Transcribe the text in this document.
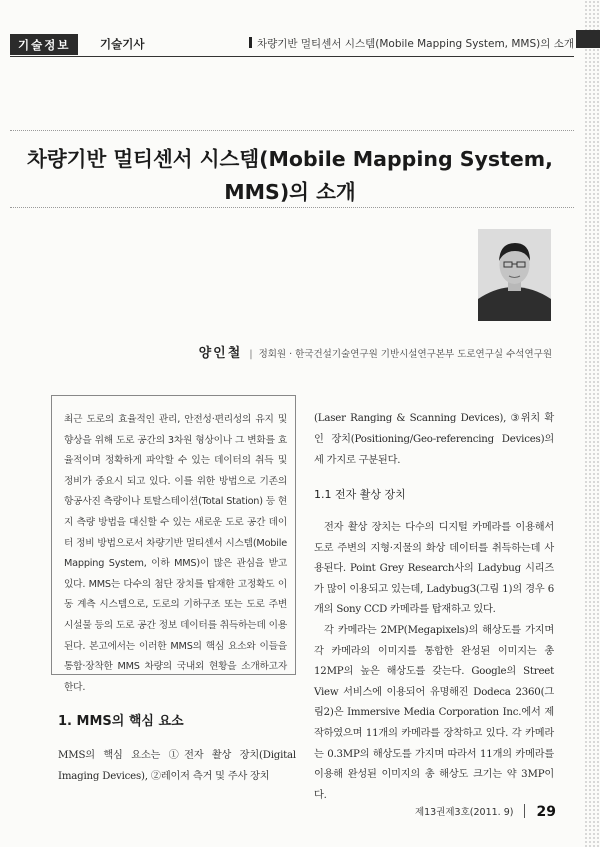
기술정보	기술기사	차량기반 멀티센서 시스템(Mobile Mapping System, MMS)의 소개
차량기반 멀티센서 시스템(Mobile Mapping System,
MMS)의 소개
양인철 | 정회원 · 한국건설기술연구원 기반시설연구본부 도로연구실 수석연구원
최근 도로의 효율적인 관리, 안전성·편리성의 유지 및 향상을 위해 도로 공간의 3차원 형상이나 그 변화를 효율적이며 정확하게 파악할 수 있는 데이터의 취득 및 정비가 중요시 되고 있다. 이를 위한 방법으로 기존의 항공사진 측량이나 토탈스테이션(Total Station) 등 현지 측량 방법을 대신할 수 있는 새로운 도로 공간 데이터 정비 방법으로서 차량기반 멀티센서 시스템(Mobile Mapping System, 이하 MMS)이 많은 관심을 받고 있다. MMS는 다수의 첨단 장치를 탑재한 고정확도 이동 계측 시스템으로, 도로의 기하구조 또는 도로 주변 시설물 등의 도로 공간 정보 데이터를 취득하는데 이용된다. 본고에서는 이러한 MMS의 핵심 요소와 이들을 통합·장착한 MMS 차량의 국내외 현황을 소개하고자 한다.
1. MMS의 핵심 요소

MMS의 핵심 요소는 ①전자 촬상 장치(Digital Imaging Devices), ②레이저 측거 및 주사 장치

(Laser Ranging & Scanning Devices), ③위치 확인 장치(Positioning/Geo-referencing Devices)의 세 가지로 구분된다.

1.1 전자 촬상 장치

전자 촬상 장치는 다수의 디지털 카메라를 이용해서 도로 주변의 지형·지물의 화상 데이터를 취득하는데 사용된다. Point Grey Research사의 Ladybug 시리즈가 많이 이용되고 있는데, Ladybug3(그림 1)의 경우 6개의 Sony CCD 카메라를 탑재하고 있다.

각 카메라는 2MP(Megapixels)의 해상도를 가지며 각 카메라의 이미지를 통합한 완성된 이미지는 총 12MP의 높은 해상도를 갖는다. Google의 Street View 서비스에 이용되어 유명해진 Dodeca 2360(그림2)은 Immersive Media Corporation Inc.에서 제작하였으며 11개의 카메라를 장착하고 있다. 각 카메라는 0.3MP의 해상도를 가지며 따라서 11개의 카메라를 이용해 완성된 이미지의 총 해상도 크기는 약 3MP이다.

제13권제3호(2011. 9) 29
